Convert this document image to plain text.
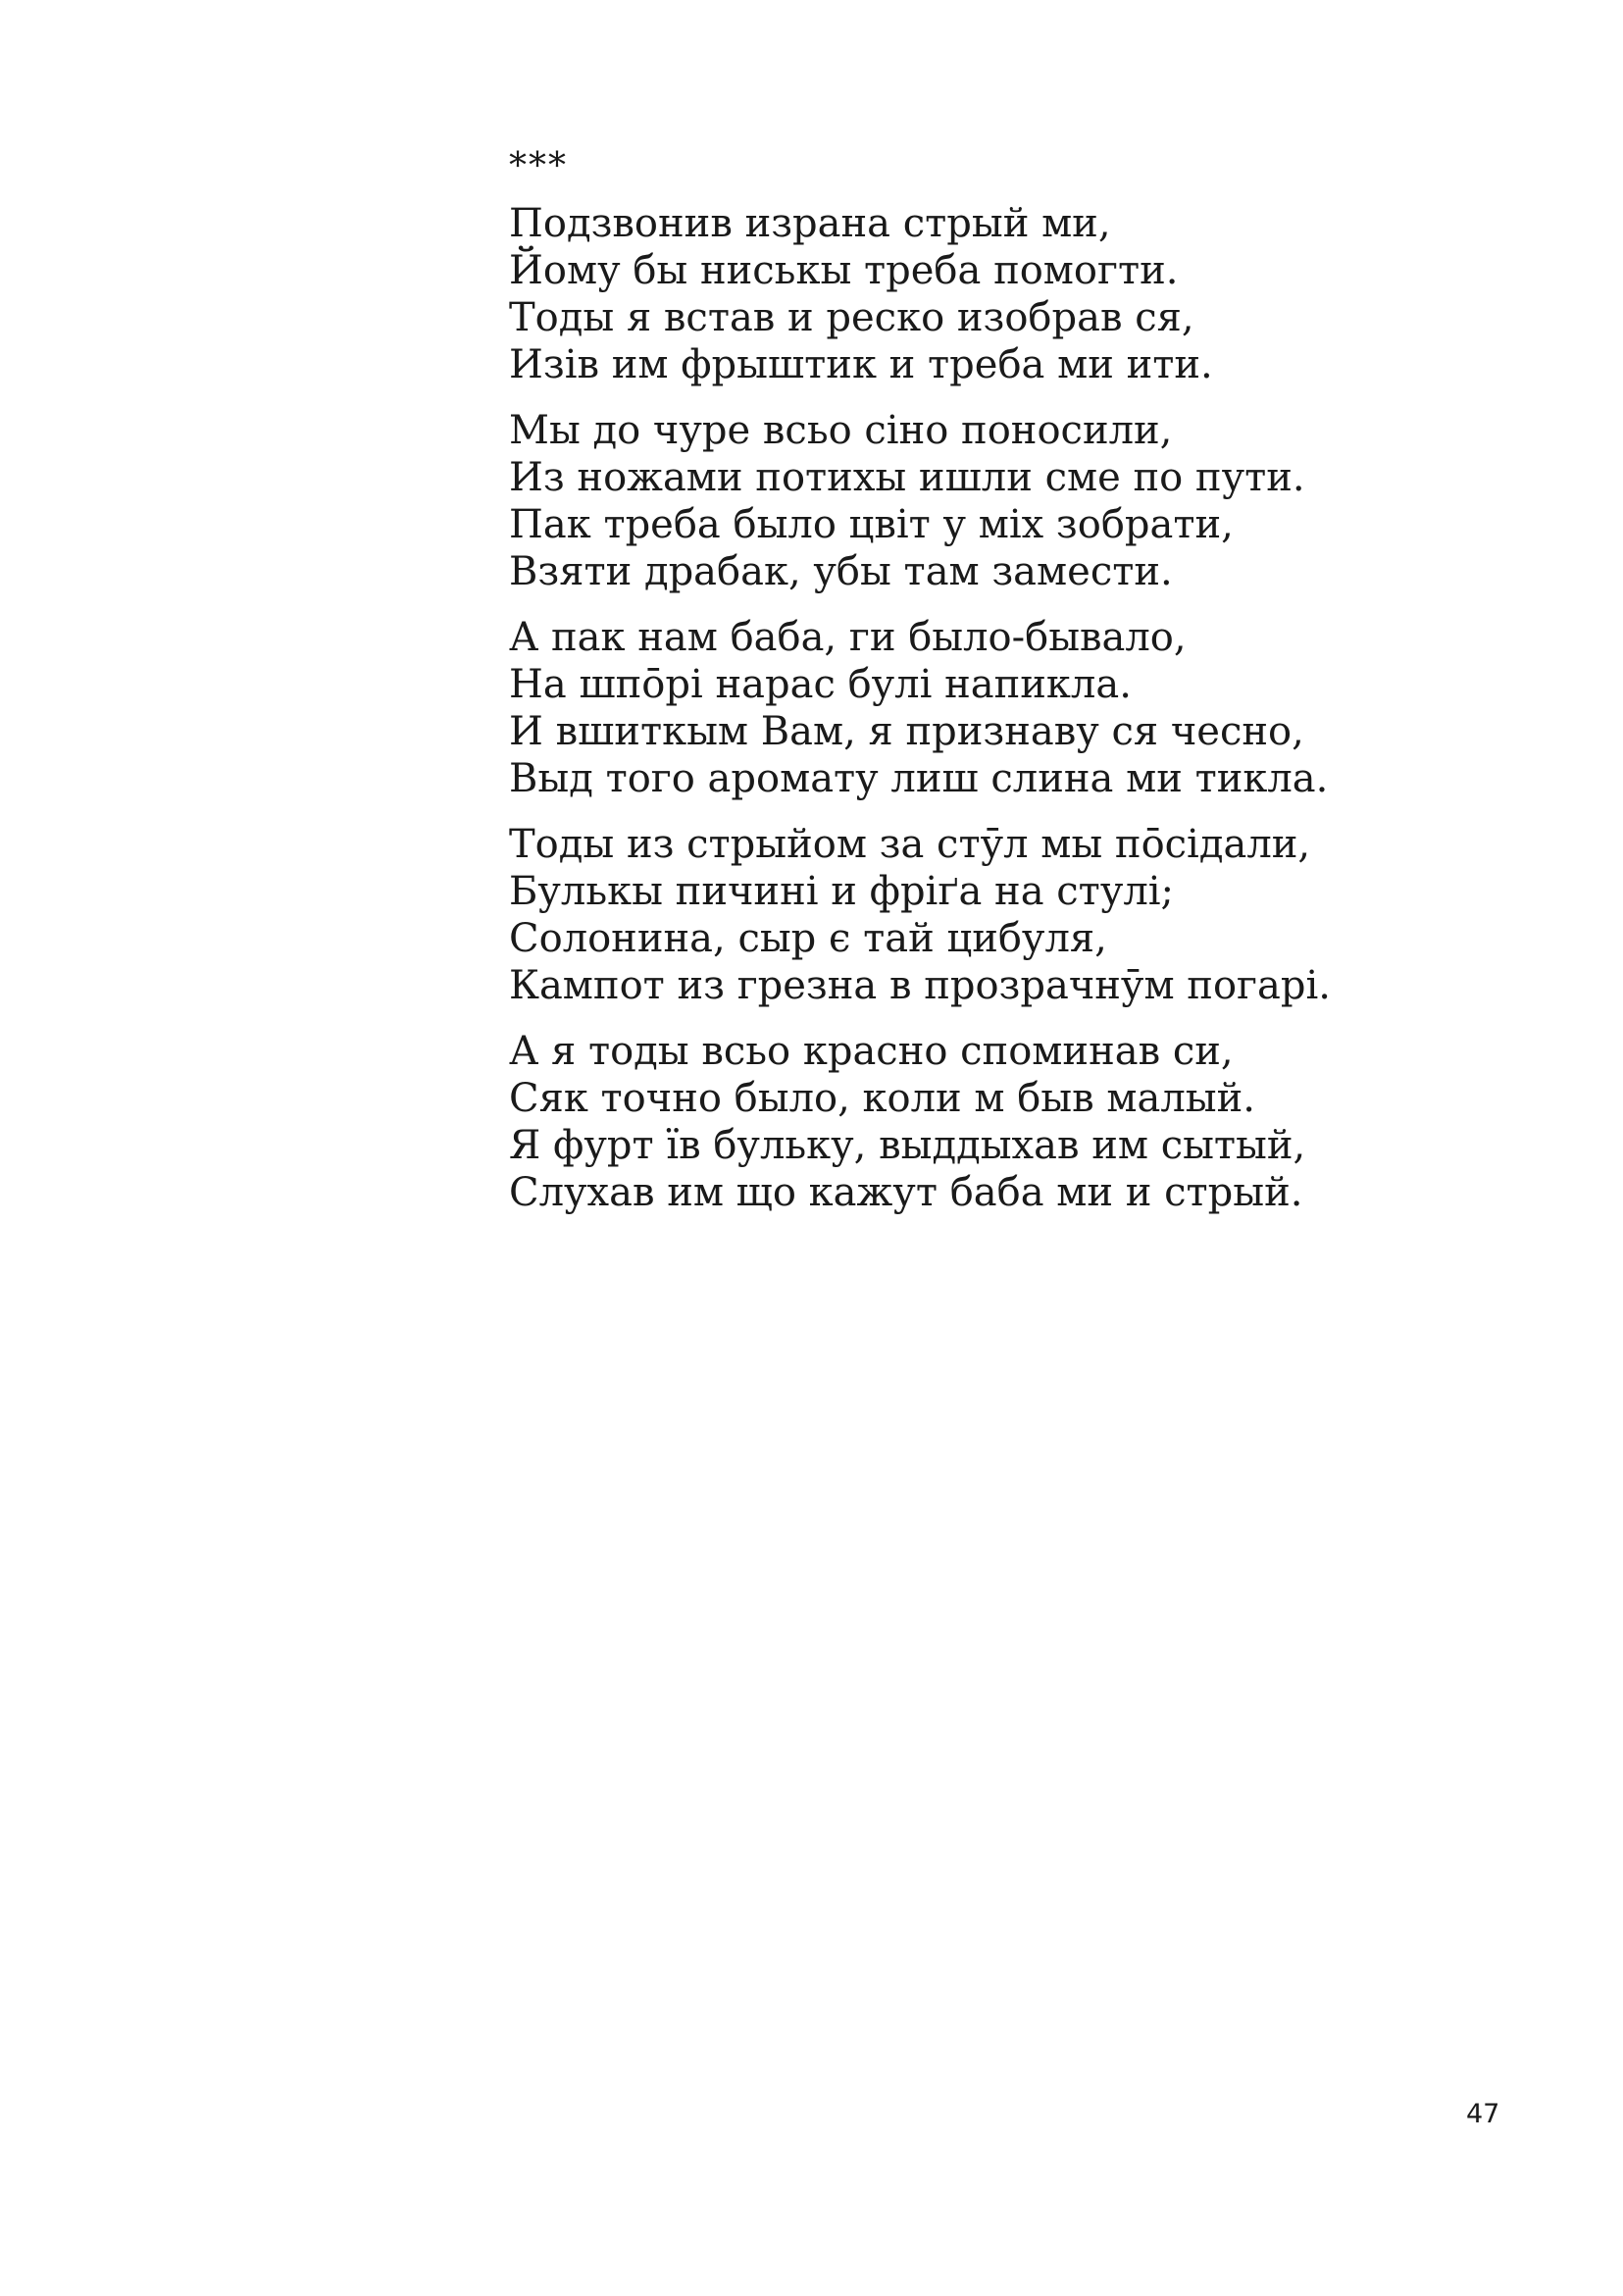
***
Подзвонив израна стрый ми,
Йому бы ниськы треба помогти.
Тоды я встав и реско изобрав ся,
Изів им фрыштик и треба ми ити.
Мы до чуре всьо сіно поносили,
Из ножами потихы ишли сме по пути.
Пак треба было цвіт у міх зобрати,
Взяти драбак, убы там замести.
А пак нам баба, ги было-бывало,
На шпōрі нарас булі напикла.
И вшиткым Вам, я признаву ся чесно,
Выд того аромату лиш слина ми тикла.
Тоды из стрыйом за стӯл мы пōсідали,
Булькы пичині и фріґа на стулі;
Солонина, сыр є тай цибуля,
Кампот из грезна в прозрачнӯм погарі.
А я тоды всьо красно споминав си,
Сяк точно было, коли м быв малый.
Я фурт їв бульку, выддыхав им сытый,
Слухав им що кажут баба ми и стрый.
47
